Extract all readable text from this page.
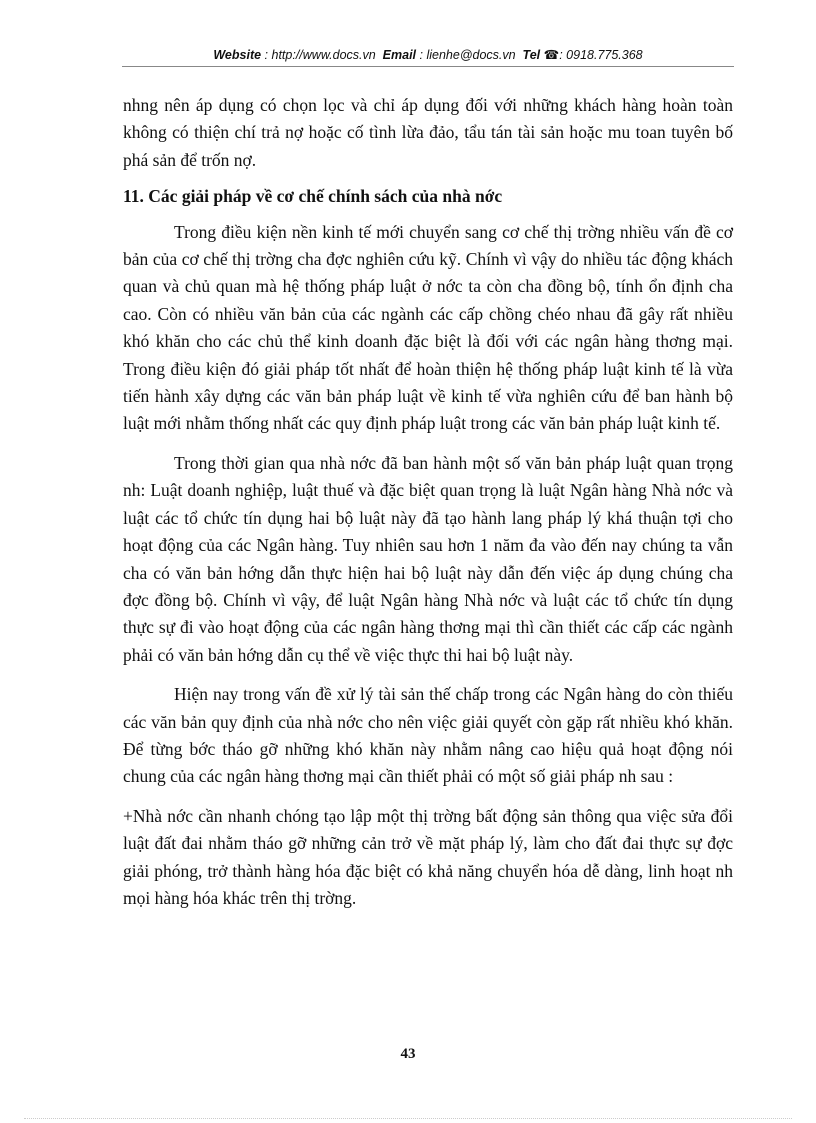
Website : http://www.docs.vn Email : lienhe@docs.vn Tel ☎: 0918.775.368

nhng nên áp dụng có chọn lọc và chỉ áp dụng đối với những khách hàng hoàn toàn không có thiện chí trả nợ hoặc cố tình lừa đảo, tẩu tán tài sản hoặc mu toan tuyên bố phá sản để trốn nợ.

11. Các giải pháp về cơ chế chính sách của nhà nớc

Trong điều kiện nền kinh tế mới chuyển sang cơ chế thị trờng nhiều vấn đề cơ bản của cơ chế thị trờng cha đợc nghiên cứu kỹ. Chính vì vậy do nhiều tác động khách quan và chủ quan mà hệ thống pháp luật ở nớc ta còn cha đồng bộ, tính ổn định cha cao. Còn có nhiều văn bản của các ngành các cấp chồng chéo nhau đã gây rất nhiều khó khăn cho các chủ thể kinh doanh đặc biệt là đối với các ngân hàng thơng mại. Trong điều kiện đó giải pháp tốt nhất để hoàn thiện hệ thống pháp luật kinh tế là vừa tiến hành xây dựng các văn bản pháp luật về kinh tế vừa nghiên cứu để ban hành bộ luật mới nhằm thống nhất các quy định pháp luật trong các văn bản pháp luật kinh tế.

Trong thời gian qua nhà nớc đã ban hành một số văn bản pháp luật quan trọng nh: Luật doanh nghiệp, luật thuế và đặc biệt quan trọng là luật Ngân hàng Nhà nớc và luật các tổ chức tín dụng hai bộ luật này đã tạo hành lang pháp lý khá thuận tợi cho hoạt động của các Ngân hàng. Tuy nhiên sau hơn 1 năm đa vào đến nay chúng ta vẫn cha có văn bản hớng dẫn thực hiện hai bộ luật này dẫn đến việc áp dụng chúng cha đợc đồng bộ. Chính vì vậy, để luật Ngân hàng Nhà nớc và luật các tổ chức tín dụng thực sự đi vào hoạt động của các ngân hàng thơng mại thì cần thiết các cấp các ngành phải có văn bản hớng dẫn cụ thể về việc thực thi hai bộ luật này.

Hiện nay trong vấn đề xử lý tài sản thế chấp trong các Ngân hàng do còn thiếu các văn bản quy định của nhà nớc cho nên việc giải quyết còn gặp rất nhiều khó khăn. Để từng bớc tháo gỡ những khó khăn này nhằm nâng cao hiệu quả hoạt động nói chung của các ngân hàng thơng mại cần thiết phải có một số giải pháp nh sau :

+Nhà nớc cần nhanh chóng tạo lập một thị trờng bất động sản thông qua việc sửa đổi luật đất đai nhằm tháo gỡ những cản trở về mặt pháp lý, làm cho đất đai thực sự đợc giải phóng, trở thành hàng hóa đặc biệt có khả năng chuyển hóa dễ dàng, linh hoạt nh mọi hàng hóa khác trên thị trờng.

43
